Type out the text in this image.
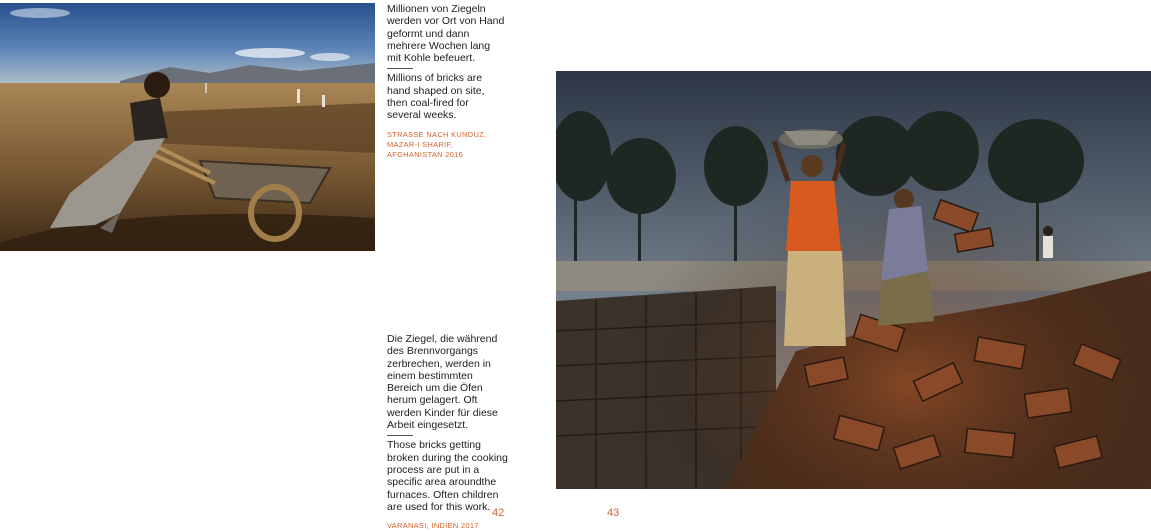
Millionen von Ziegeln werden vor Ort von Hand geformt und dann mehrere Wochen lang mit Kohle befeuert.

Millions of bricks are hand shaped on site, then coal-fired for several weeks.

STRASSE NACH KUNDUZ, MAZAR-I SHARIF, AFGHANISTAN 2016

Die Ziegel, die während des Brennvorgangs zerbrechen, werden in einem bestimmten Bereich um die Öfen herum gelagert. Oft werden Kinder für diese Arbeit eingesetzt.

Those bricks getting broken during the cooking process are put in a specific area aroundthe furnaces. Often children are used for this work.

VARANASI, INDIEN 2017

42	43
